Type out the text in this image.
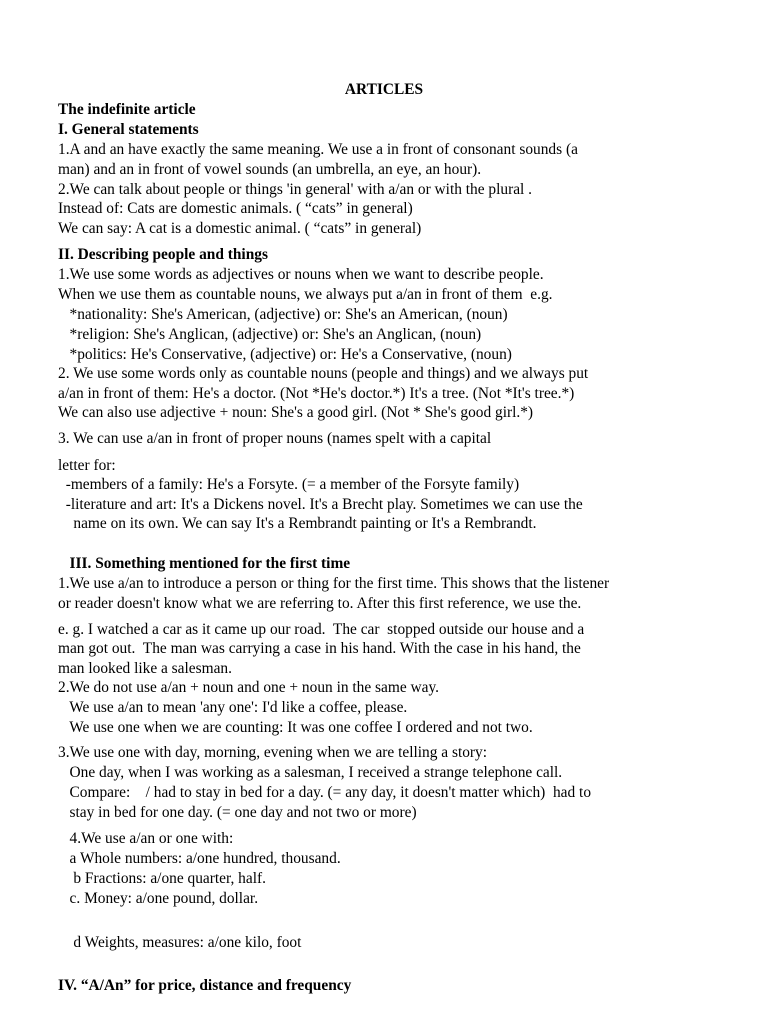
ARTICLES
The indefinite article
I. General statements
1.A and an have exactly the same meaning. We use a in front of consonant sounds (a
man) and an in front of vowel sounds (an umbrella, an eye, an hour).
2.We can talk about people or things 'in general' with a/an or with the plural .
Instead of: Cats are domestic animals. ( “cats” in general)
We can say: A cat is a domestic animal. ( “cats” in general)
II. Describing people and things
1.We use some words as adjectives or nouns when we want to describe people.
When we use them as countable nouns, we always put a/an in front of them  e.g.
*nationality: She's American, (adjective) or: She's an American, (noun)
*religion: She's Anglican, (adjective) or: She's an Anglican, (noun)
*politics: He's Conservative, (adjective) or: He's a Conservative, (noun)
2. We use some words only as countable nouns (people and things) and we always put
a/an in front of them: He's a doctor. (Not *He's doctor.*) It's a tree. (Not *It's tree.*)
We can also use adjective + noun: She's a good girl. (Not * She's good girl.*)
3. We can use a/an in front of proper nouns (names spelt with a capital
letter for:
-members of a family: He's a Forsyte. (= a member of the Forsyte family)
-literature and art: It's a Dickens novel. It's a Brecht play. Sometimes we can use the
name on its own. We can say It's a Rembrandt painting or It's a Rembrandt.
III. Something mentioned for the first time
1.We use a/an to introduce a person or thing for the first time. This shows that the listener
or reader doesn't know what we are referring to. After this first reference, we use the.
e. g. I watched a car as it came up our road.  The car  stopped outside our house and a
man got out.  The man was carrying a case in his hand. With the case in his hand, the
man looked like a salesman.
2.We do not use a/an + noun and one + noun in the same way.
We use a/an to mean 'any one': I'd like a coffee, please.
We use one when we are counting: It was one coffee I ordered and not two.
3.We use one with day, morning, evening when we are telling a story:
One day, when I was working as a salesman, I received a strange telephone call.
Compare:    / had to stay in bed for a day. (= any day, it doesn't matter which)  had to
stay in bed for one day. (= one day and not two or more)
4.We use a/an or one with:
a Whole numbers: a/one hundred, thousand.
b Fractions: a/one quarter, half.
c. Money: a/one pound, dollar.
d Weights, measures: a/one kilo, foot
IV. “A/An” for price, distance and frequency
